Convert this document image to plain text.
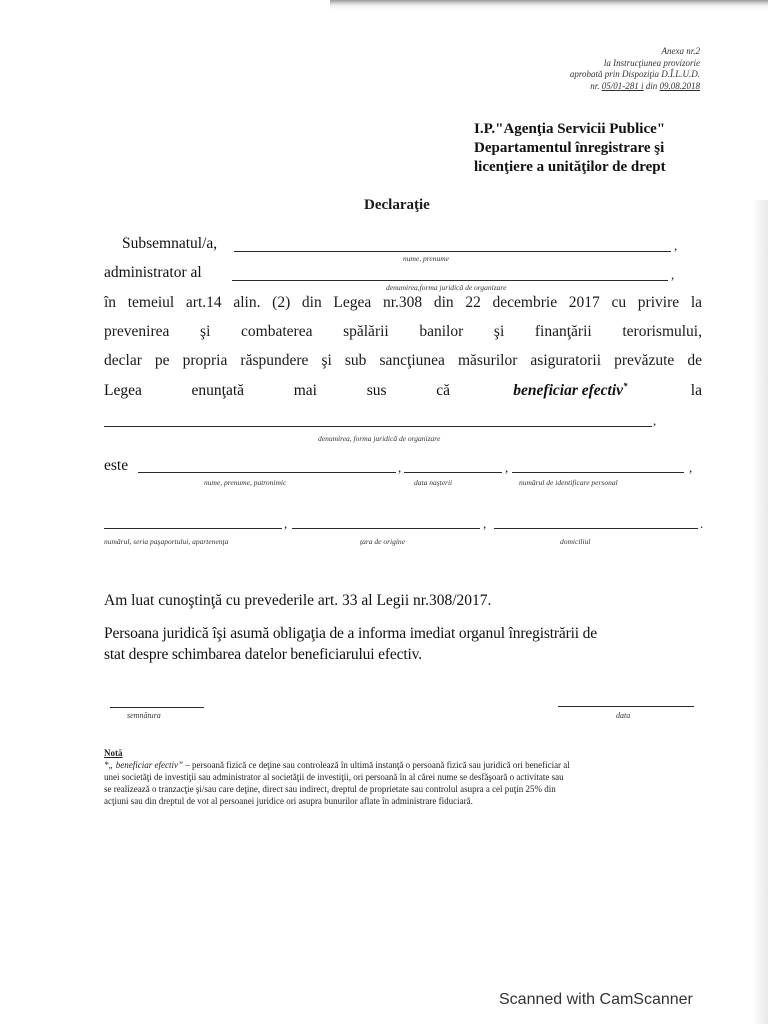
Anexa nr.2
la Instrucţiunea provizorie
aprobată prin Dispoziţia D.Î.L.U.D.
nr. 05/01-281 i din 09.08.2018
I.P."Agenţia Servicii Publice"
Departamentul înregistrare şi
licenţiere a unităţilor de drept
Declaraţie
Subsemnatul/a,	,
nume, prenume
administrator al	,
denumirea,forma juridică de organizare
în temeiul art.14 alin. (2) din Legea nr.308 din 22 decembrie 2017 cu privire la
prevenirea şi combaterea spălării banilor şi finanţării terorismului,
declar pe propria răspundere şi sub sancţiunea măsurilor asiguratorii prevăzute de
Legea	enunţată	mai	sus	că	beneficiar efectiv*	la
,
denumirea, forma juridică de organizare
este	,	,	,
nume, prenume, patronimic	data naşterii	numărul de identificare personal
,	,	.
numărul, seria paşaportului, apartenenţa	ţara de origine	domiciliul
Am luat cunoştinţă cu prevederile art. 33 al Legii nr.308/2017.
Persoana juridică îşi asumă obligaţia de a informa imediat organul înregistrării de
stat despre schimbarea datelor beneficiarului efectiv.
semnătura	data
Notă
*„ beneficiar efectiv” – persoană fizică ce deţine sau controlează în ultimă instanţă o persoană fizică sau juridică ori beneficiar al
unei societăţi de investiţii sau administrator al societăţii de investiţii, ori persoană în al cărei nume se desfăşoară o activitate sau
se realizează o tranzacţie şi/sau care deţine, direct sau indirect, dreptul de proprietate sau controlul asupra a cel puţin 25% din
acţiuni sau din dreptul de vot al persoanei juridice ori asupra bunurilor aflate în administrare fiduciară.
Scanned with CamScanner
